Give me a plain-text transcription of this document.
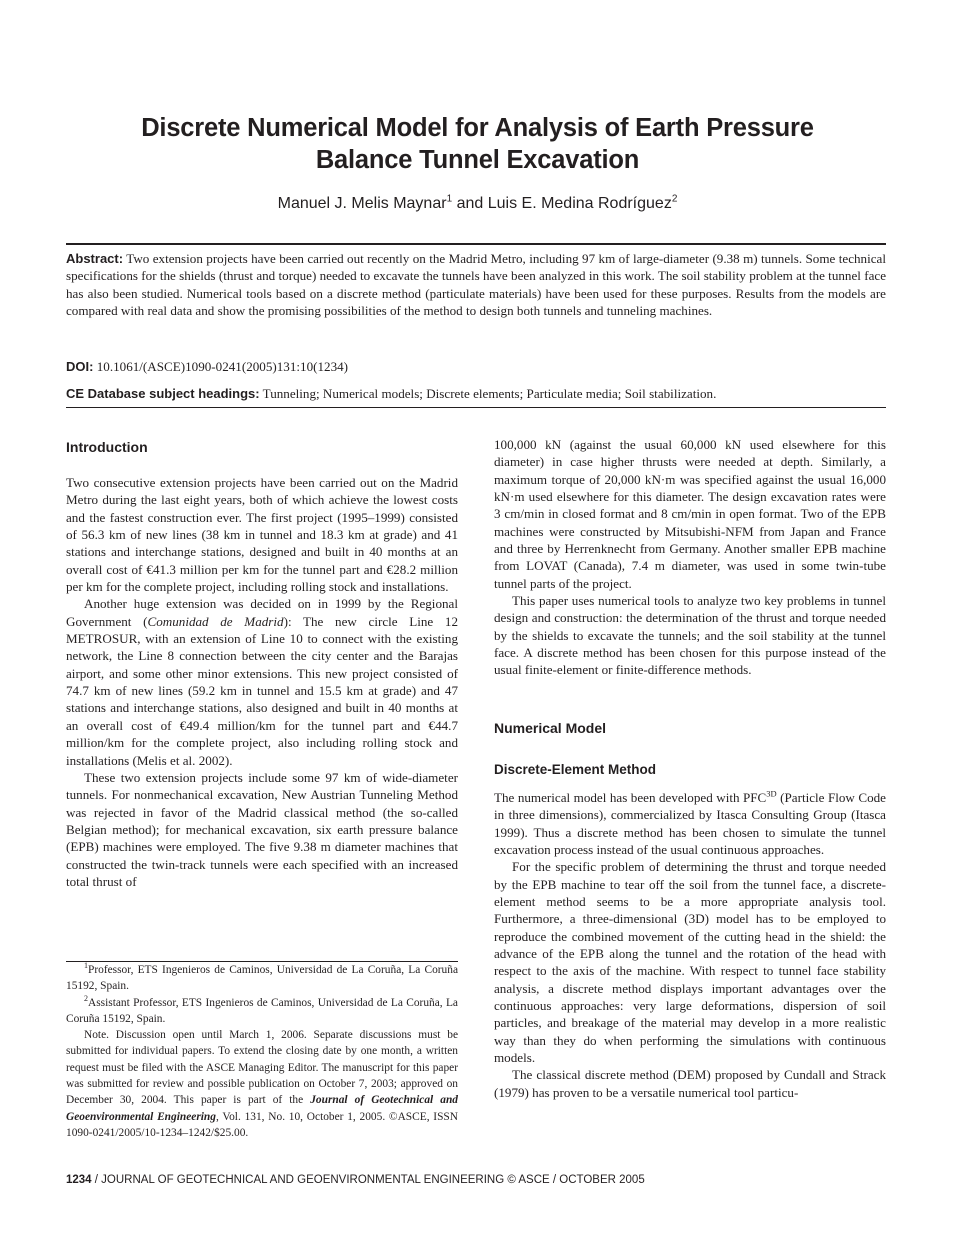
Discrete Numerical Model for Analysis of Earth Pressure
Balance Tunnel Excavation
Manuel J. Melis Maynar$^1$ and Luis E. Medina Rodríguez$^2$
Abstract: Two extension projects have been carried out recently on the Madrid Metro, including 97 km of large-diameter (9.38 m) tunnels. Some technical specifications for the shields (thrust and torque) needed to excavate the tunnels have been analyzed in this work. The soil stability problem at the tunnel face has also been studied. Numerical tools based on a discrete method (particulate materials) have been used for these purposes. Results from the models are compared with real data and show the promising possibilities of the method to design both tunnels and tunneling machines.
DOI: 10.1061/(ASCE)1090-0241(2005)131:10(1234)
CE Database subject headings: Tunneling; Numerical models; Discrete elements; Particulate media; Soil stabilization.
Introduction

Two consecutive extension projects have been carried out on the Madrid Metro during the last eight years, both of which achieve the lowest costs and the fastest construction ever. The first project (1995–1999) consisted of 56.3 km of new lines (38 km in tunnel and 18.3 km at grade) and 41 stations and interchange stations, designed and built in 40 months at an overall cost of €41.3 million per km for the tunnel part and €28.2 million per km for the complete project, including rolling stock and installations.

Another huge extension was decided on in 1999 by the Regional Government (Comunidad de Madrid): The new circle Line 12 METROSUR, with an extension of Line 10 to connect with the existing network, the Line 8 connection between the city center and the Barajas airport, and some other minor extensions. This new project consisted of 74.7 km of new lines (59.2 km in tunnel and 15.5 km at grade) and 47 stations and interchange stations, also designed and built in 40 months at an overall cost of €49.4 million/km for the tunnel part and €44.7 million/km for the complete project, also including rolling stock and installations (Melis et al. 2002).

These two extension projects include some 97 km of wide-diameter tunnels. For nonmechanical excavation, New Austrian Tunneling Method was rejected in favor of the Madrid classical method (the so-called Belgian method); for mechanical excavation, six earth pressure balance (EPB) machines were employed. The five 9.38 m diameter machines that constructed the twin-track tunnels were each specified with an increased total thrust of

$^1$Professor, ETS Ingenieros de Caminos, Universidad de La Coruña, La Coruña 15192, Spain.

$^2$Assistant Professor, ETS Ingenieros de Caminos, Universidad de La Coruña, La Coruña 15192, Spain.

Note. Discussion open until March 1, 2006. Separate discussions must be submitted for individual papers. To extend the closing date by one month, a written request must be filed with the ASCE Managing Editor. The manuscript for this paper was submitted for review and possible publication on October 7, 2003; approved on December 30, 2004. This paper is part of the Journal of Geotechnical and Geoenvironmental Engineering, Vol. 131, No. 10, October 1, 2005. ©ASCE, ISSN 1090-0241/2005/10-1234–1242/$25.00.

100,000 kN (against the usual 60,000 kN used elsewhere for this diameter) in case higher thrusts were needed at depth. Similarly, a maximum torque of 20,000 kN·m was specified against the usual 16,000 kN·m used elsewhere for this diameter. The design excavation rates were 3 cm/min in closed format and 8 cm/min in open format. Two of the EPB machines were constructed by Mitsubishi-NFM from Japan and France and three by Herrenknecht from Germany. Another smaller EPB machine from LOVAT (Canada), 7.4 m diameter, was used in some twin-tube tunnel parts of the project.

This paper uses numerical tools to analyze two key problems in tunnel design and construction: the determination of the thrust and torque needed by the shields to excavate the tunnels; and the soil stability at the tunnel face. A discrete method has been chosen for this purpose instead of the usual finite-element or finite-difference methods.

Numerical Model
Discrete-Element Method

The numerical model has been developed with $PFC^{3D}$ (Particle Flow Code in three dimensions), commercialized by Itasca Consulting Group (Itasca 1999). Thus a discrete method has been chosen to simulate the tunnel excavation process instead of the usual continuous approaches.

For the specific problem of determining the thrust and torque needed by the EPB machine to tear off the soil from the tunnel face, a discrete-element method seems to be a more appropriate analysis tool. Furthermore, a three-dimensional (3D) model has to be employed to reproduce the combined movement of the cutting head in the shield: the advance of the EPB along the tunnel and the rotation of the head with respect to the axis of the machine. With respect to tunnel face stability analysis, a discrete method displays important advantages over the continuous approaches: very large deformations, dispersion of soil particles, and breakage of the material may develop in a more realistic way than they do when performing the simulations with continuous models.

The classical discrete method (DEM) proposed by Cundall and Strack (1979) has proven to be a versatile numerical tool particu-

1234 / JOURNAL OF GEOTECHNICAL AND GEOENVIRONMENTAL ENGINEERING © ASCE / OCTOBER 2005
